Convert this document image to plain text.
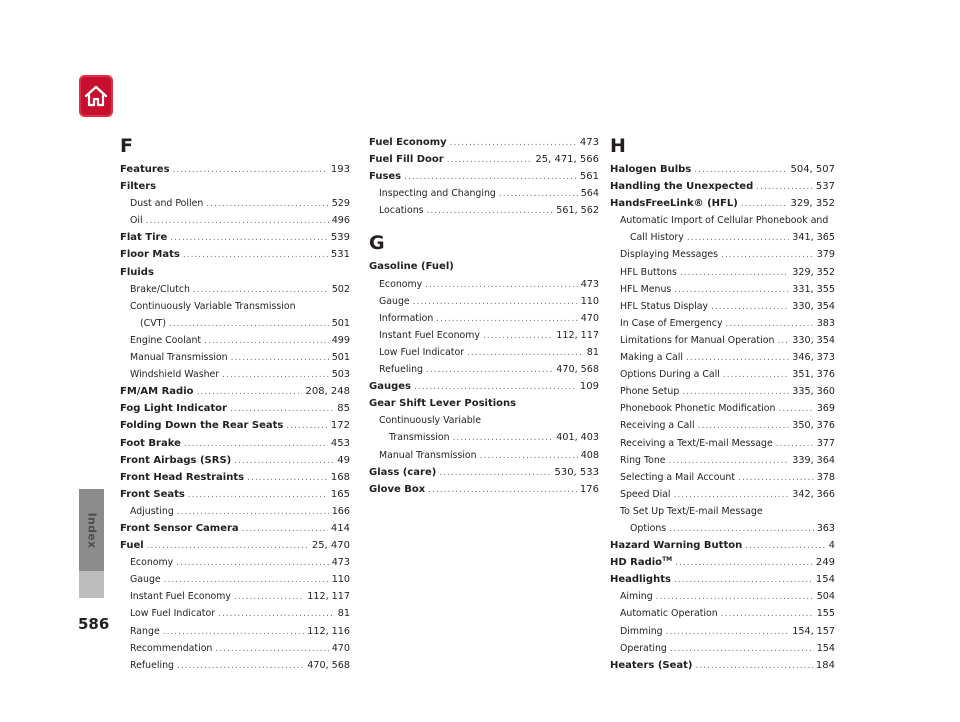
Index
586
F
Features .....	193
Filters
Dust and Pollen .....	529
Oil .....	496
Flat Tire .....	539
Floor Mats .....	531
Fluids
Brake/Clutch .....	502
Continuously Variable Transmission
(CVT) .....	501
Engine Coolant .....	499
Manual Transmission .....	501
Windshield Washer .....	503
FM/AM Radio .....	208, 248
Fog Light Indicator .....	85
Folding Down the Rear Seats .....	172
Foot Brake .....	453
Front Airbags (SRS) .....	49
Front Head Restraints .....	168
Front Seats .....	165
Adjusting .....	166
Front Sensor Camera .....	414
Fuel .....	25, 470
Economy .....	473
Gauge .....	110
Instant Fuel Economy .....	112, 117
Low Fuel Indicator .....	81
Range .....	112, 116
Recommendation .....	470
Refueling .....	470, 568
Fuel Economy .....	473
Fuel Fill Door .....	25, 471, 566
Fuses .....	561
Inspecting and Changing .....	564
Locations .....	561, 562
G
Gasoline (Fuel)
Economy .....	473
Gauge .....	110
Information .....	470
Instant Fuel Economy .....	112, 117
Low Fuel Indicator .....	81
Refueling .....	470, 568
Gauges .....	109
Gear Shift Lever Positions
Continuously Variable
Transmission .....	401, 403
Manual Transmission .....	408
Glass (care) .....	530, 533
Glove Box .....	176
H
Halogen Bulbs .....	504, 507
Handling the Unexpected .....	537
HandsFreeLink® (HFL) .....	329, 352
Automatic Import of Cellular Phonebook and
Call History .....	341, 365
Displaying Messages .....	379
HFL Buttons .....	329, 352
HFL Menus .....	331, 355
HFL Status Display .....	330, 354
In Case of Emergency .....	383
Limitations for Manual Operation ..... 330, 354
Making a Call .....	346, 373
Options During a Call .....	351, 376
Phone Setup .....	335, 360
Phonebook Phonetic Modification .....	369
Receiving a Call .....	350, 376
Receiving a Text/E-mail Message .....	377
Ring Tone .....	339, 364
Selecting a Mail Account .....	378
Speed Dial .....	342, 366
To Set Up Text/E-mail Message
Options .....	363
Hazard Warning Button .....	4
HD Radio™ .....	249
Headlights .....	154
Aiming .....	504
Automatic Operation .....	155
Dimming .....	154, 157
Operating .....	154
Heaters (Seat) .....	184
